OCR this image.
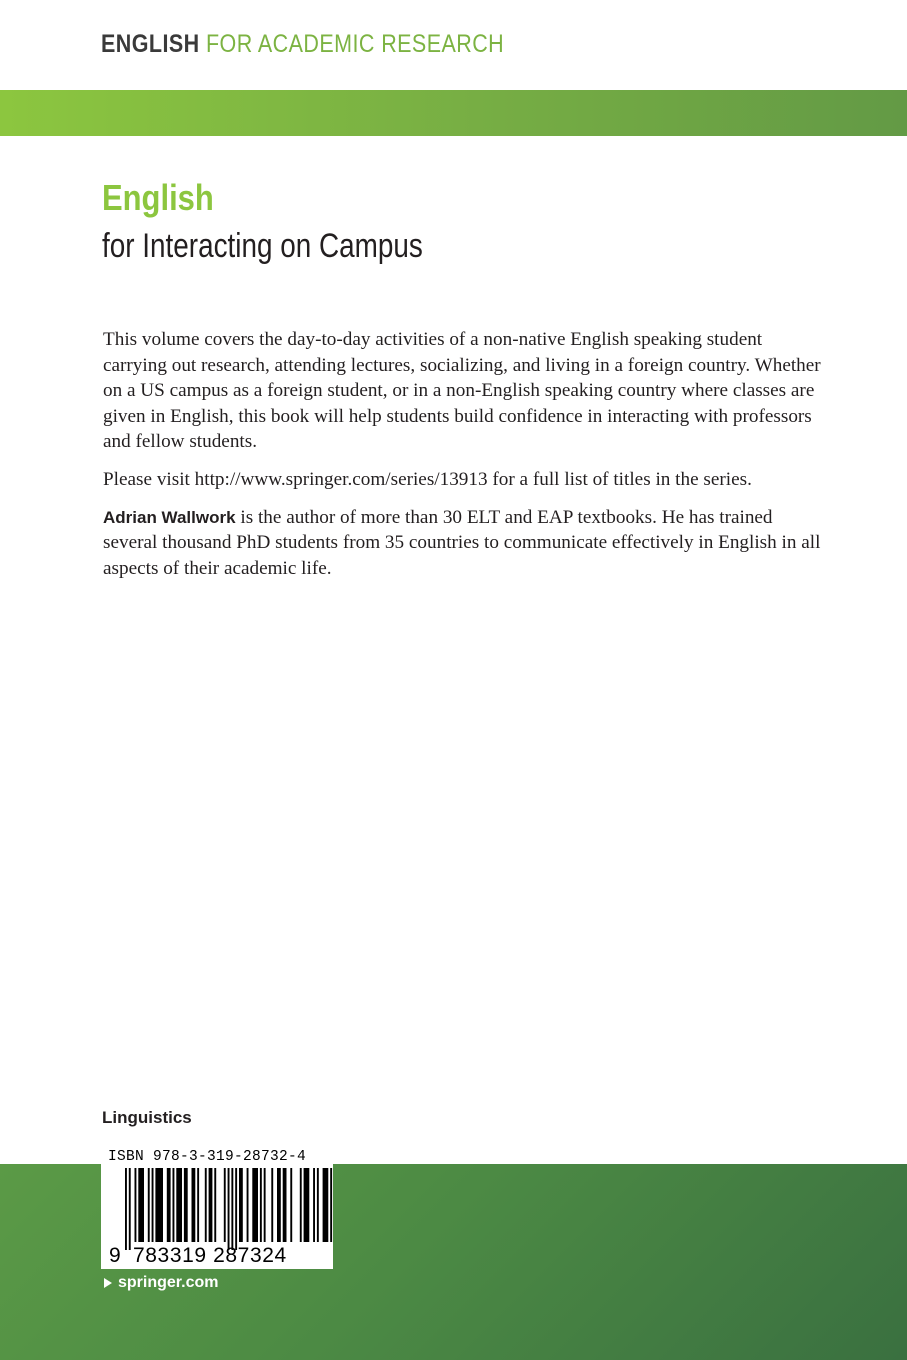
ENGLISH FOR ACADEMIC RESEARCH
English
for Interacting on Campus

This volume covers the day-to-day activities of a non-native English speaking student carrying out research, attending lectures, socializing, and living in a foreign country. Whether on a US campus as a foreign student, or in a non-English speaking country where classes are given in English, this book will help students build confidence in interacting with professors and fellow students.

Please visit http://www.springer.com/series/13913 for a full list of titles in the series.

Adrian Wallwork is the author of more than 30 ELT and EAP textbooks. He has trained several thousand PhD students from 35 countries to communicate effectively in English in all aspects of their academic life.

Linguistics
ISBN 978-3-319-28732-4
9 783319 287324
springer.com
